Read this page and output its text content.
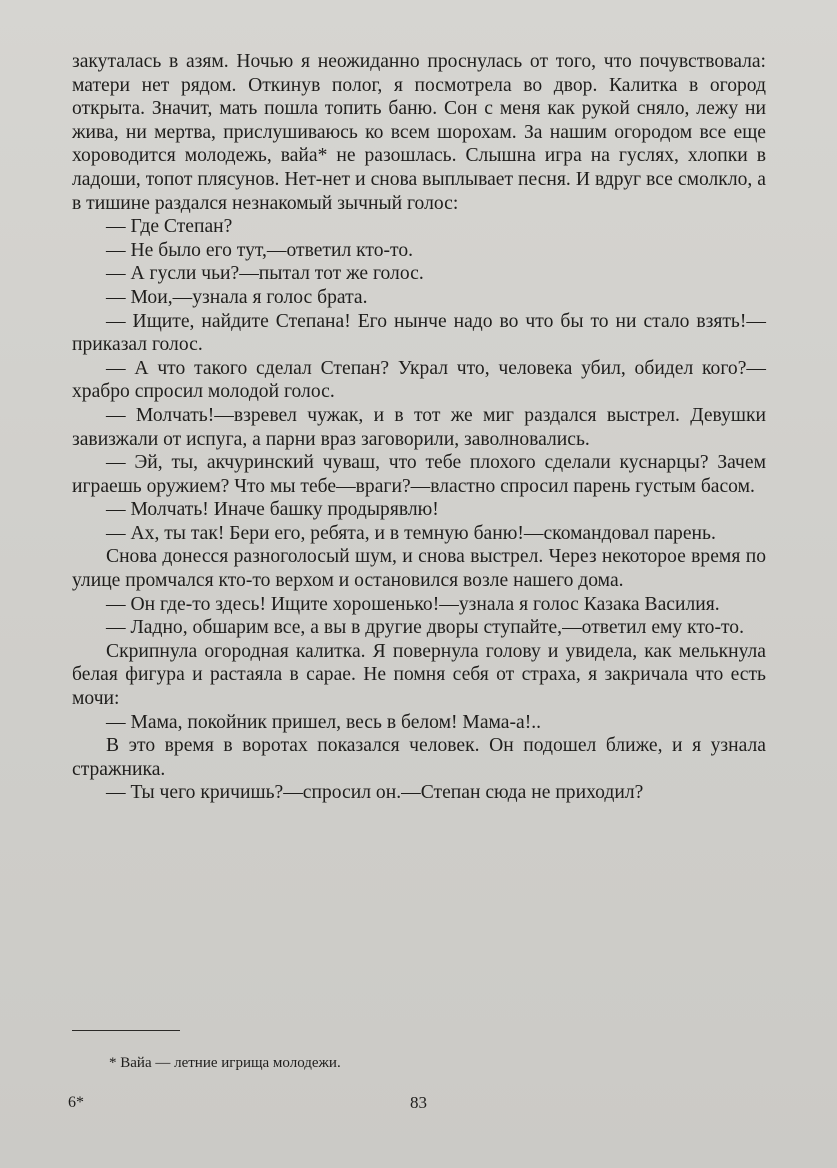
закуталась в азям. Ночью я неожиданно проснулась от того, что почувствовала: матери нет рядом. Откинув полог, я посмотрела во двор. Калитка в огород открыта. Значит, мать пошла топить баню. Сон с меня как рукой сняло, лежу ни жива, ни мертва, прислушиваюсь ко всем шорохам. За нашим огородом все еще хороводится молодежь, вайа* не разошлась. Слышна игра на гуслях, хлопки в ладоши, топот плясунов. Нет-нет и снова выплывает песня. И вдруг все смолкло, а в тишине раздался незнакомый зычный голос:

— Где Степан?

— Не было его тут,—ответил кто-то.

— А гусли чьи?—пытал тот же голос.

— Мои,—узнала я голос брата.

— Ищите, найдите Степана! Его нынче надо во что бы то ни стало взять!—приказал голос.

— А что такого сделал Степан? Украл что, человека убил, обидел кого?—храбро спросил молодой голос.

— Молчать!—взревел чужак, и в тот же миг раздался выстрел. Девушки завизжали от испуга, а парни враз заговорили, заволновались.

— Эй, ты, акчуринский чуваш, что тебе плохого сделали куснарцы? Зачем играешь оружием? Что мы тебе—враги?—властно спросил парень густым басом.

— Молчать! Иначе башку продырявлю!

— Ах, ты так! Бери его, ребята, и в темную баню!—скомандовал парень.

Снова донесся разноголосый шум, и снова выстрел. Через некоторое время по улице промчался кто-то верхом и остановился возле нашего дома.

— Он где-то здесь! Ищите хорошенько!—узнала я голос Казака Василия.

— Ладно, обшарим все, а вы в другие дворы ступайте,—ответил ему кто-то.

Скрипнула огородная калитка. Я повернула голову и увидела, как мелькнула белая фигура и растаяла в сарае. Не помня себя от страха, я закричала что есть мочи:

— Мама, покойник пришел, весь в белом! Мама-а!..

В это время в воротах показался человек. Он подошел ближе, и я узнала стражника.

— Ты чего кричишь?—спросил он.—Степан сюда не приходил?

* Вайа — летние игрища молодежи.
6*	83
